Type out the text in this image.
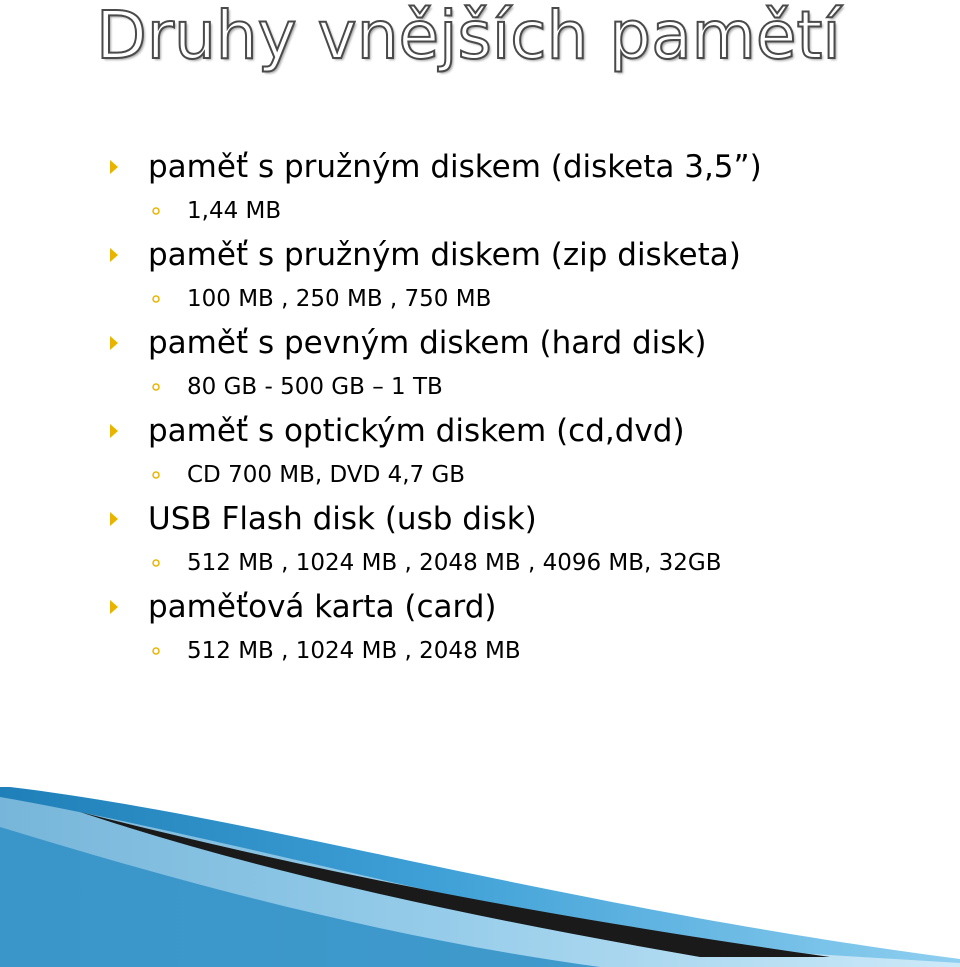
Druhy vnějších pamětí
paměť s pružným diskem (disketa 3,5”)
1,44 MB
paměť s pružným diskem (zip disketa)
100 MB , 250 MB , 750 MB
paměť s pevným diskem (hard disk)
80 GB - 500 GB – 1 TB
paměť s optickým diskem (cd,dvd)
CD 700 MB, DVD 4,7 GB
USB Flash disk (usb disk)
512 MB , 1024 MB , 2048 MB , 4096 MB, 32GB
paměťová karta (card)
512 MB , 1024 MB , 2048 MB
